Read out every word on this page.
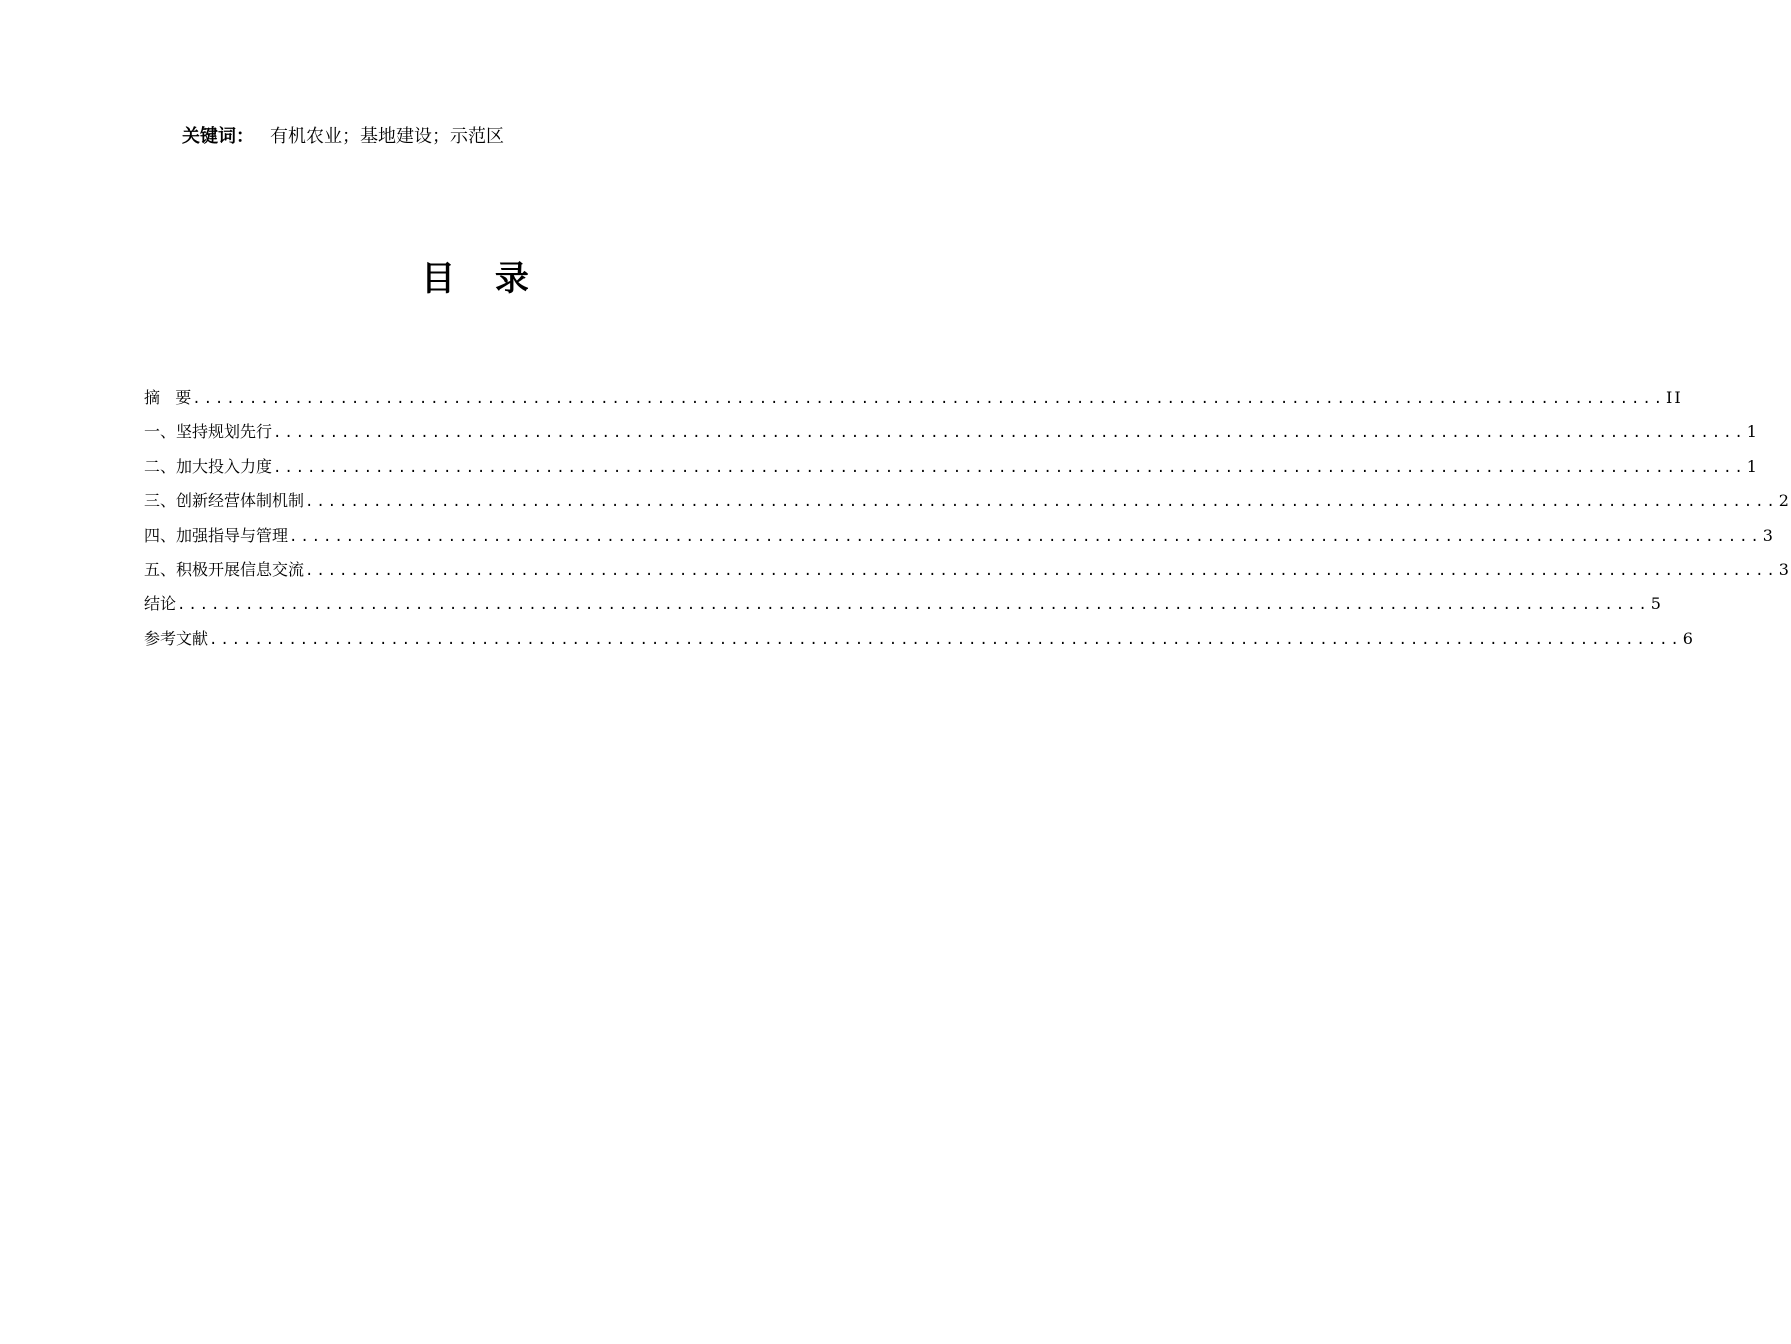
关键词： 有机农业；基地建设；示范区
目 录
摘   要 .................................................................................................................................. II
一、坚持规划先行 .................................................................................................................................. 1
二、加大投入力度 .................................................................................................................................. 1
三、创新经营体制机制 .................................................................................................................................. 2
四、加强指导与管理 .................................................................................................................................. 3
五、积极开展信息交流 .................................................................................................................................. 3
结论 .................................................................................................................................. 5
参考文献 .................................................................................................................................. 6
